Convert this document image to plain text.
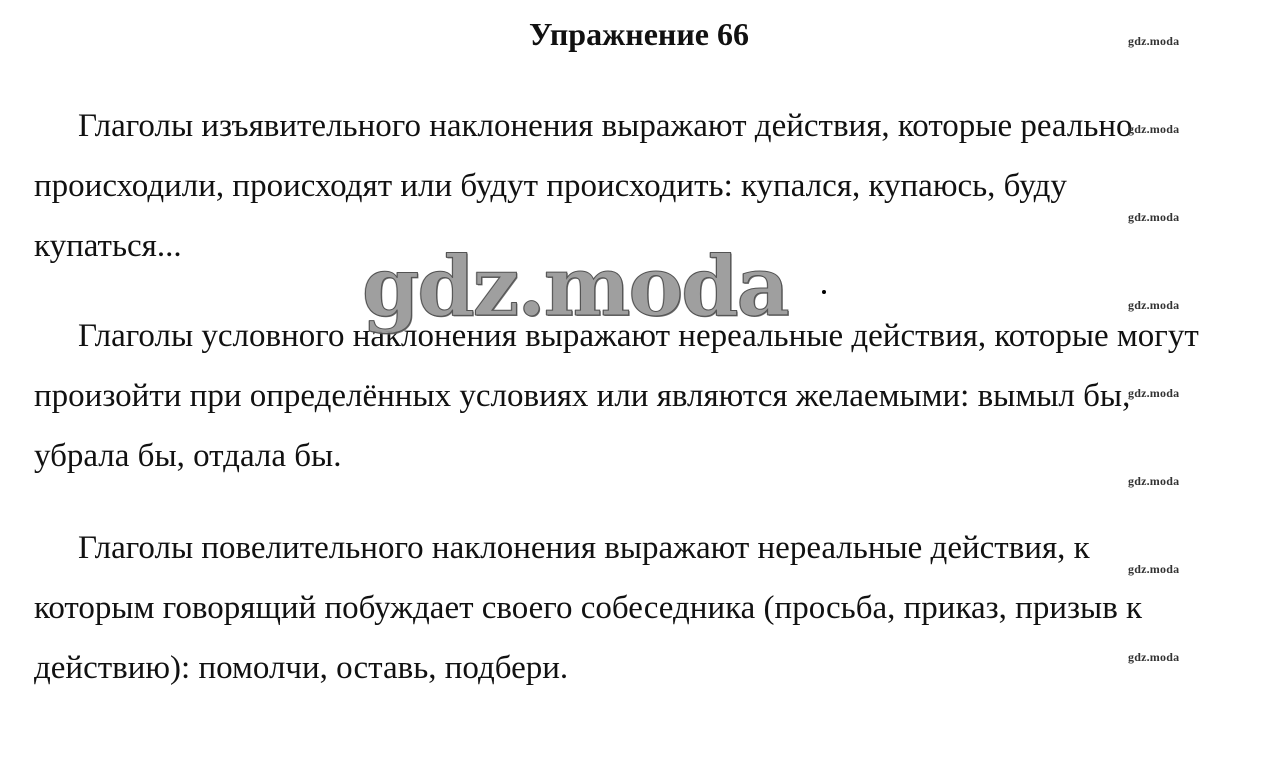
Упражнение 66

Глаголы изъявительного наклонения выражают действия, которые реально происходили, происходят или будут происходить: купался, купаюсь, буду купаться...

Глаголы условного наклонения выражают нереальные действия, которые могут произойти при определённых условиях или являются желаемыми: вымыл бы, убрала бы, отдала бы.

Глаголы повелительного наклонения выражают нереальные действия, к которым говорящий побуждает своего собеседника (просьба, приказ, призыв к действию): помолчи, оставь, подбери.

gdz.moda
gdz.moda
gdz.moda
gdz.moda
gdz.moda
gdz.moda
gdz.moda
gdz.moda
gdz.moda
